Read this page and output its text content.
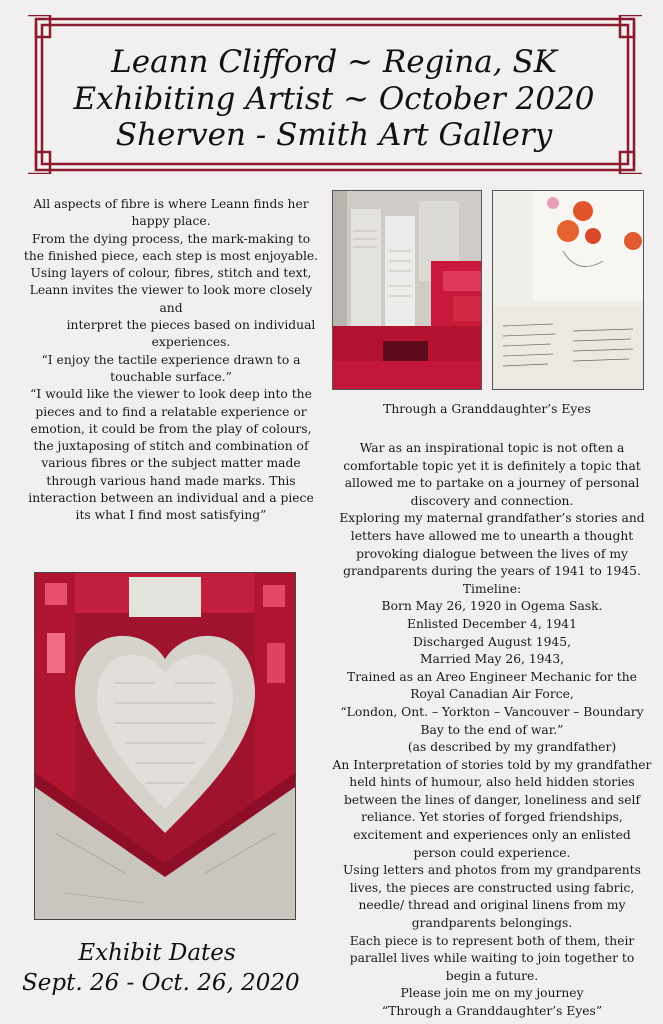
Leann Clifford ~ Regina, SK
Exhibiting Artist ~ October 2020
Sherven - Smith Art Gallery

All aspects of fibre is where Leann finds her happy place.

From the dying process, the mark-making to the finished piece, each step is most enjoyable.

Using layers of colour, fibres, stitch and text, Leann invites the viewer to look more closely

and

interpret the pieces based on individual experiences.

“I enjoy the tactile experience drawn to a touchable surface.”

“I would like the viewer to look deep into the pieces and to find a relatable experience or emotion, it could be from the play of colours, the juxtaposing of stitch and combination of various fibres or the subject matter made through various hand made marks. This interaction between an individual and a piece its what I find most satisfying”

Through a Granddaughter’s Eyes

War as an inspirational topic is not often a comfortable topic yet it is definitely a topic that allowed me to partake on a journey of personal discovery and connection.

Exploring my maternal grandfather’s stories and letters have allowed me to unearth a thought provoking dialogue between the lives of my grandparents during the years of 1941 to 1945.

Timeline:

Born May 26, 1920 in Ogema Sask.

Enlisted December 4, 1941

Discharged August 1945,

Married May 26, 1943,

Trained as an Areo Engineer Mechanic for the Royal Canadian Air Force,

“London, Ont. – Yorkton – Vancouver – Boundary Bay to the end of war.”

(as described by my grandfather)

An Interpretation of stories told by my grandfather held hints of humour, also held hidden stories between the lines of danger, loneliness and self reliance. Yet stories of forged friendships, excitement and experiences only an enlisted person could experience.

Using letters and photos from my grandparents lives, the pieces are constructed using fabric, needle/ thread and original linens from my grandparents belongings.

Each piece is to represent both of them, their parallel lives while waiting to join together to begin a future.

Please join me on my journey

“Through a Granddaughter’s Eyes”

Exhibit Dates
Sept. 26 - Oct. 26, 2020
